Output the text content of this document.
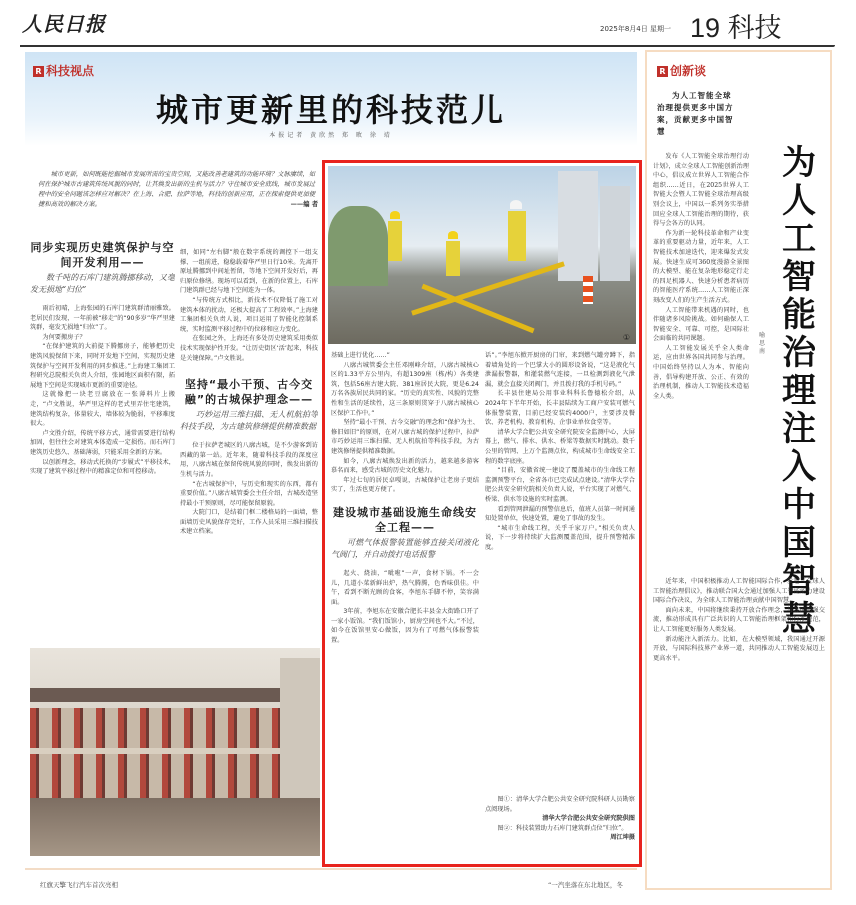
人民日报	2025年8月4日 星期一 19 科技
R 科技视点
城市更新里的科技范儿
本报记者 黄欣然 郑 畋 徐 靖
城市更新，如何既能挖掘城市发展所需的宝贵空间，又能改善老建筑的功能环境？文脉赓续，如何在保护城市古建筑传统风貌的同时，让其焕发出新的生机与活力？守住城市安全底线，城市发展过程中的安全问题该怎样应对解决？在上海、合肥、拉萨等地，科技的创新应用，正在探索提供更加便捷和高效的解决方案。	——编 者
同步实现历史建筑保护与空间开发利用——
数千吨的石库门建筑腾挪移动，又毫发无损地“归位”

雨后初晴，上海张园的石库门建筑群清丽雅致。老居民们发现，一年前被“移走”的“90多岁”华严里建筑群，毫发无损地“归位”了。

为何要搬房子？

“在保护建筑的大前提下腾挪房子，能够把历史建筑风貌保留下来，同时开发地下空间，实现历史建筑保护与空间开发利用的同步推进。”上海建工集团工程研究总院相关负责人介绍，张园地区面积有限，拓展地下空间是实现城市更新的重要途径。

这就像把一块老豆腐放在一张薄料片上搬走，“卢文胜说，华严里这样的老式里弄住宅建筑，建筑结构复杂，体量较大，墙体较为脆弱，平移难度很大。

卢文胜介绍，传统平移方式，通常需要进行结构加固，但往往会对建筑本体造成一定损伤。而石库门建筑历史悠久、基础薄弱，只能采用全新的方案。

以创新理念，移动式托换的“步履式”平移技术，实现了建筑平移过程中的精准定位和可控移动。

细，如同“左右脚”般在数字系统的调控下一组支撑、一组前进，稳稳载着华严里日行10米。先离开原址腾挪到中间址暂留，等地下空间开发好后，再归原位修缮。现场可以看到，在新的位置上，石库门建筑群已经与地下空间连为一体。

“与传统方式相比，新技术不仅降低了施工对建筑本体的扰动，还极大提高了工程效率。”上海建工集团相关负责人说，项目运用了智能化控制系统，实时监测平移过程中的位移和应力变化。

在张园之外，上海还有多处历史建筑采用类似技术实现保护性开发。“让历史街区‘活’起来，科技是关键保障。”卢文胜说。

坚持“最小干预、古今交融”的古城保护理念——
巧妙运用三维扫描、无人机航拍等科技手段，为古建筑修缮提供精准数据

位于拉萨老城区的八廓古城，是不少游客到访西藏的第一站。近年来，随着科技手段的深度应用，八廓古城在保留传统风貌的同时，焕发出新的生机与活力。

“在古城保护中，与历史和现实的东西，都有重要价值。”八廓古城管委会主任介绍，古城改造坚持最小干预原则，尽可能保留原貌。

大院门口，是结着门框二楼格局的一面墙，整面墙历史风貌保存完好，工作人员采用三维扫描技术建立档案。

①

基础上进行优化……”

八廓古城管委会主任邓刚峰介绍，八廓古城核心区的1.33平方公里内，有超1309座（栋/构）各类建筑，包括56座古建大院、381座居民大院，更是6.24万名各族居民共同的家。“历史的真实性、风貌的完整性和生活的延续性，这三条原则贯穿于八廓古城核心区保护工作中。”

坚持“最小干预、古今交融”的理念和“保护为主、修旧如旧”的原则，在对八廓古城的保护过程中，拉萨市巧妙运用三维扫描、无人机航拍等科技手段，为古建筑修缮提供精准数据。

如今，八廓古城焕发出新的活力，越来越多游客慕名而来，感受古城的历史文化魅力。

年过七旬的居民卓嘎说，古城保护让老房子更结实了，生活也更方便了。

建设城市基础设施生命线安全工程——
可燃气体报警装置能够直接关闭液化气阀门，并自动拨打电话报警

起火、烧油，“呲啦”一声，食材下锅。不一会儿，几道小菜新鲜出炉，热气腾腾，色香味俱佳。中午，看到不断光顾的食客，李旭东手脚不停，笑容满面。

3年前，李旭东在安徽合肥长丰县金大街路口开了一家小饭馆。“我们饭馆小，厨房空间也不大。”不过，如今在饭馆里安心做饭，因为有了可燃气体报警装置。

话”。”李旭东掀开厨房的门帘，来到燃气罐旁蹲下，指着墙角处的一个巴掌大小的圆形设备说，“这是液化气泄漏报警器，和灌装燃气连接，一旦检测到液化气泄漏，就会直接关闭阀门，并且拨打我的手机号码。”

长丰县住建局公用事业科科长鲁德松介绍，从2024年下半年开始，长丰县陆续为工商户安装可燃气体报警装置，目前已经安装约4000户，主要涉及餐饮、养老机构、教育机构、企事业单位食堂等。

清华大学合肥公共安全研究院安全监测中心，大屏幕上，燃气、排水、供水、桥梁等数据实时跳动。数千公里的管网、上万个监测点位，构成城市生命线安全工程的数字底座。

“目前，安徽省统一建设了覆盖城市的生命线工程监测预警平台，全省各市已完成试点建设。”清华大学合肥公共安全研究院相关负责人说，平台实现了对燃气、桥梁、供水等设施的实时监测。

看到管网泄漏的预警信息后，值班人员第一时间通知处置单位，快速处置，避免了事故的发生。

“城市生命线工程，关乎千家万户。”相关负责人说，下一步将持续扩大监测覆盖范围，提升预警精准度。

图①：清华大学合肥公共安全研究院科研人员勘察点阅现场。

清华大学合肥公共安全研究院供图

图②：科技装置助力石库门建筑群点位“归位”。

周江坤摄
R 创新谈
为人工智能全球治理提供更多中国方案，贡献更多中国智慧
为人工智能治理注入中国智慧
喻思南

发布《人工智能全球治理行动计划》，成立全球人工智能创新治理中心，倡议成立世界人工智能合作组织……近日，在2025世界人工智能大会暨人工智能全球治理高级别会议上，中国以一系列务实举措回应全球人工智能治理的期待，获得与会各方的认同。

作为新一轮科技革命和产业变革的重要驱动力量，近年来，人工智能技术加速迭代，迎来爆发式发展。快速生成可360度漫游全景图的大模型、能在复杂地形稳定行走的四足机器人、快速分析患者病历的智能医疗系统……人工智能正深刻改变人们的生产生活方式。

人工智能带来机遇的同时，也伴随诸多风险挑战。如何确保人工智能安全、可靠、可控，是国际社会面临的共同课题。

人工智能发展关乎全人类命运，应由世界各国共同参与治理。中国始终坚持以人为本、智能向善，倡导构建开放、公正、有效的治理机制，推动人工智能技术造福全人类。

近年来，中国积极推动人工智能国际合作，发起《全球人工智能治理倡议》，推动联合国大会通过加强人工智能能力建设国际合作决议，为全球人工智能治理贡献中国智慧。

面向未来，中国将继续秉持开放合作理念，与各国加强交流，推动形成具有广泛共识的人工智能治理框架和标准规范，让人工智能更好服务人类发展。

新动能注入新活力。比如，在大模型领域，我国通过开源开放，与国际科技界产业界一道，共同推动人工智能发展迈上更高水平。

红旗天擎飞行汽车首次亮相	“一汽坐落在东北地区，冬
